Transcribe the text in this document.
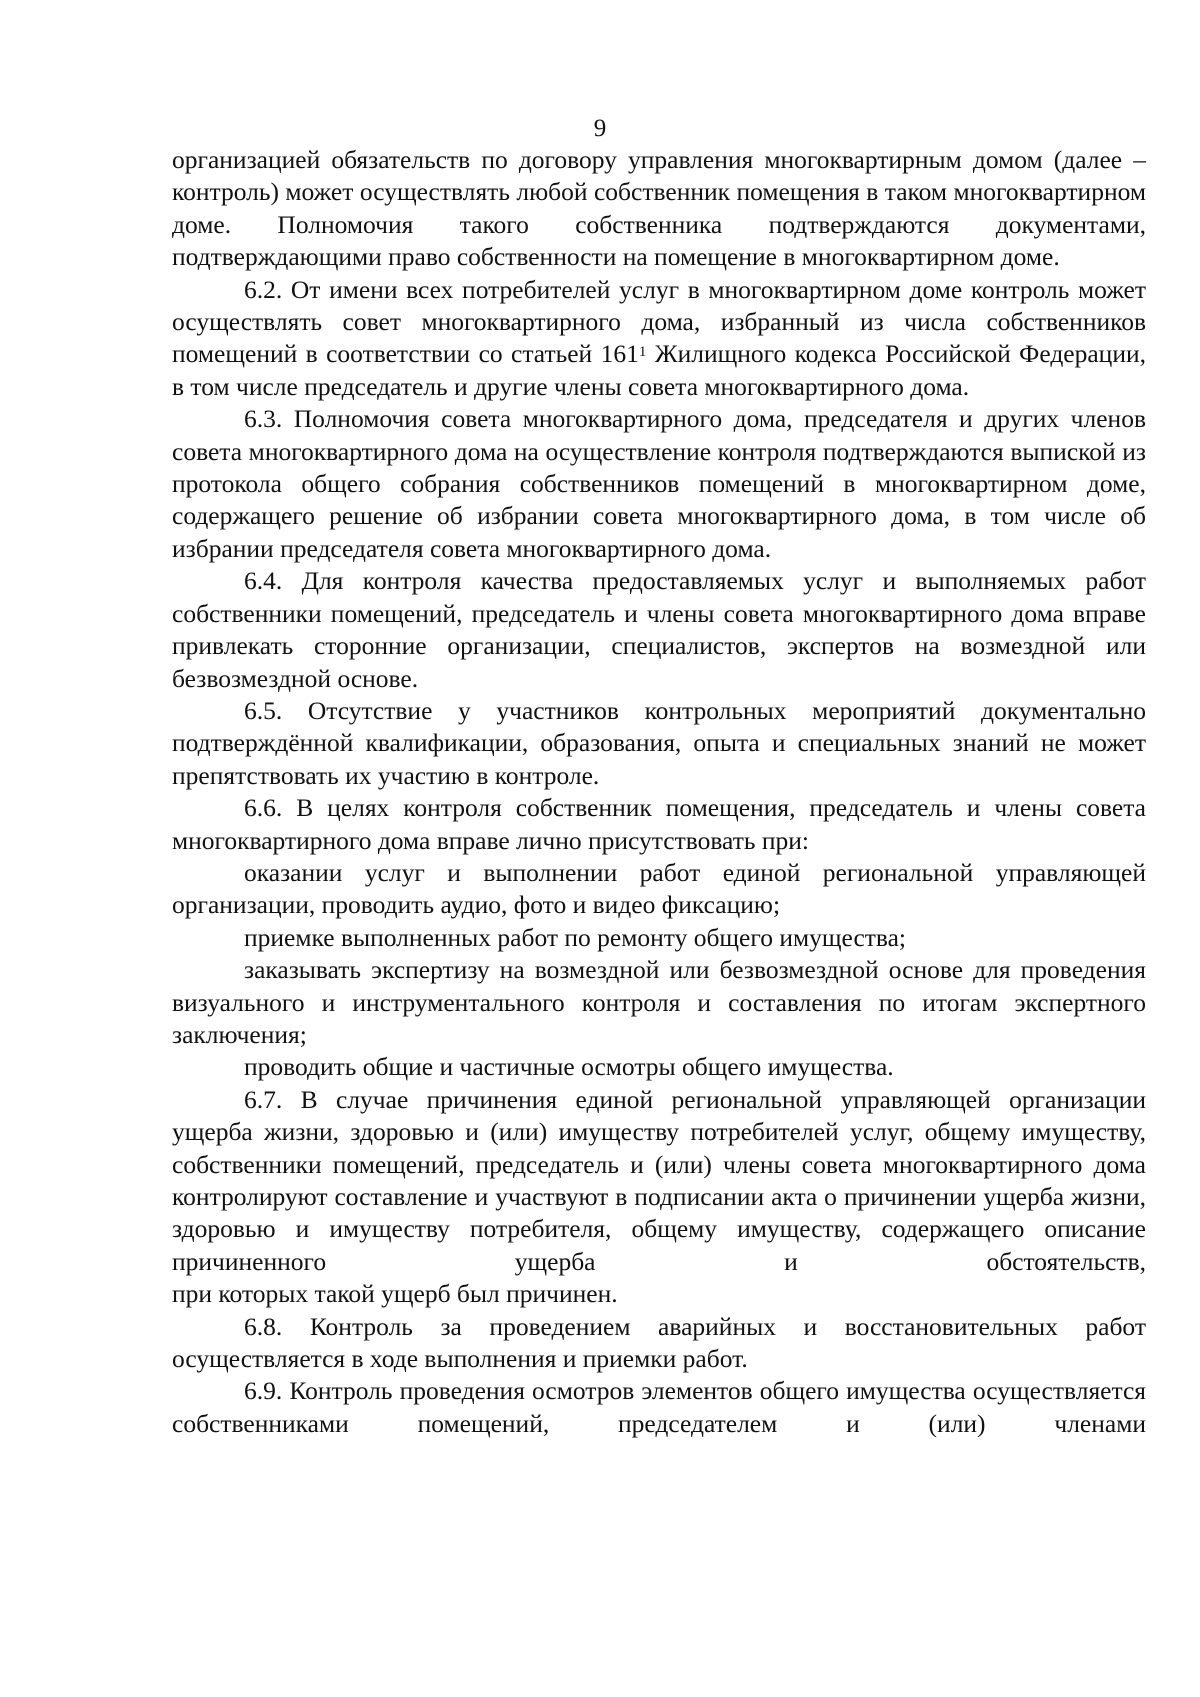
9

организацией обязательств по договору управления многоквартирным домом (далее – контроль) может осуществлять любой собственник помещения в таком многоквартирном доме. Полномочия такого собственника подтверждаются документами, подтверждающими право собственности на помещение в многоквартирном доме.

6.2. От имени всех потребителей услуг в многоквартирном доме контроль может осуществлять совет многоквартирного дома, избранный из числа собственников помещений в соответствии со статьей $161^1$ Жилищного кодекса Российской Федерации, в том числе председатель и другие члены совета многоквартирного дома.

6.3. Полномочия совета многоквартирного дома, председателя и других членов совета многоквартирного дома на осуществление контроля подтверждаются выпиской из протокола общего собрания собственников помещений в многоквартирном доме, содержащего решение об избрании совета многоквартирного дома, в том числе об избрании председателя совета многоквартирного дома.

6.4. Для контроля качества предоставляемых услуг и выполняемых работ собственники помещений, председатель и члены совета многоквартирного дома вправе привлекать сторонние организации, специалистов, экспертов на возмездной или безвозмездной основе.

6.5. Отсутствие у участников контрольных мероприятий документально подтверждённой квалификации, образования, опыта и специальных знаний не может препятствовать их участию в контроле.

6.6. В целях контроля собственник помещения, председатель и члены совета многоквартирного дома вправе лично присутствовать при:

оказании услуг и выполнении работ единой региональной управляющей организации, проводить аудио, фото и видео фиксацию;

приемке выполненных работ по ремонту общего имущества;

заказывать экспертизу на возмездной или безвозмездной основе для проведения визуального и инструментального контроля и составления по итогам экспертного заключения;

проводить общие и частичные осмотры общего имущества.

6.7. В случае причинения единой региональной управляющей организации ущерба жизни, здоровью и (или) имуществу потребителей услуг, общему имуществу, собственники помещений, председатель и (или) члены совета многоквартирного дома контролируют составление и участвуют в подписании акта о причинении ущерба жизни, здоровью и имуществу потребителя, общему имуществу, содержащего описание причиненного ущерба и обстоятельств,

при которых такой ущерб был причинен.

6.8. Контроль за проведением аварийных и восстановительных работ осуществляется в ходе выполнения и приемки работ.

6.9. Контроль проведения осмотров элементов общего имущества осуществляется собственниками помещений, председателем и (или) членами
